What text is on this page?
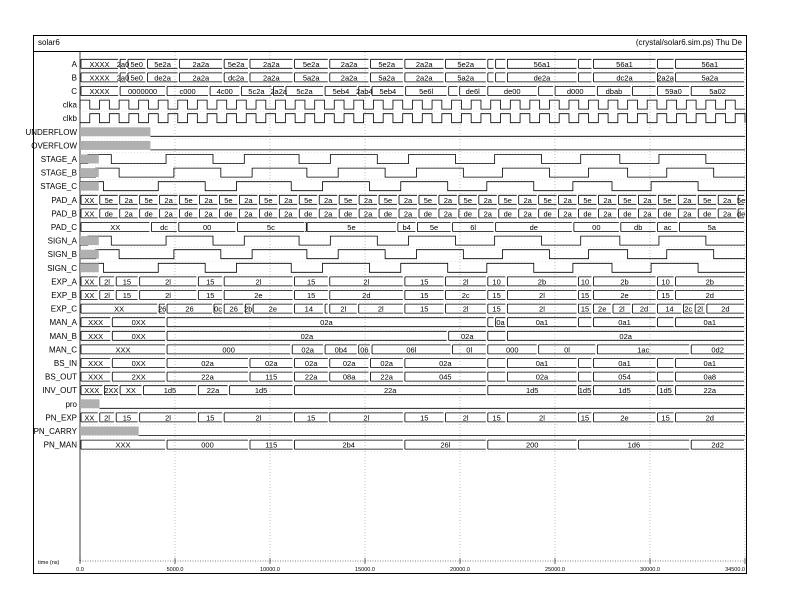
solar6	(crystal/solar6.sim.ps) Thu De
A XXXX 2a0 5e0 5e2a	2a2a 5e2a 2a2a	5e2a	2a2a	5e2a	2a2a	5e2a	56a1	56a1	56a1
B XXXX 2a0 5e0 de2a	2a2a dc2a 2a2a	5a2a	2a2a	5a2a	2a2a	5a2a	de2a	dc2a	2a2a	5a2a
C XXXX 0000000	c000	4c00 5c2a 2a2a 5c2a	5eb4 2ab4 5eb4	5e6l	de6l	de00	d000	dbab	59a0	5a02
clka
clkb
UNDERFLOW
OVERFLOW
STAGE_A
STAGE_B
STAGE_C
PAD_A XX 5e 2a 5e 2a 5e 2a 5e 2a 5e 2a 5e 2a 5e 2a 5e 2a 5e 2a 5e 2a 5e 2a 5e 2a 5e 2a 5e 2a 5e 2a 5e 2a 5e
PAD_B XX de 2a de 2a de 2a de 2a de 2a de 2a de 2a de 2a de 2a de 2a de 2a de 2a de 2a de 2a de 2a de 2a de
PAD_C	XX	dc	00	5c	5e	b4	5e	6l	de	00	db	ac	5a
SIGN_A
SIGN_B
SIGN_C
EXP_A XX 2l 15	2l	15	2l	15	2l	15	2l	10	2b	10	2b	10	2b
EXP_B XX 2l 15	2l	15	2e	15	2d	15	2c	15	2l	15	2e	15	2d
EXP_C	XX	26	26	0c 26 2b 2e	14	2l	2l	15	2l	15	2l	15 2e 2l 2d 14 2c 2l 2d
MAN_A XXX	0XX	02a	0a	0a1	0a1	0a1
MAN_B XXX	0XX	02a	02a	02a
MAN_C	XXX	000	02a	0b4 06	06l	0l	000	0l	1ac	0d2
BS_IN XXX	0XX	02a	02a	02a	02a	02a	02a	0a1	0a1	0a1
BS_OUT XXX	2XX	22a	115	22a	08a	22a	045	02a	054	0a8
INV_OUT XXX 2XX XX	1d5	22a	1d5	22a	1d5	1d5	1d5	1d5	22a
pro
PN_EXP XX 2l 15	2l	15	2l	15	2l	15	2l	15	2l	15	2e	15	2d
PN_CARRY
PN_MAN	XXX	000	115	2b4	26l	200	1d6	2d2
time (ns)
0.0	5000.0	10000.0	15000.0	20000.0	25000.0	30000.0	34500.0
